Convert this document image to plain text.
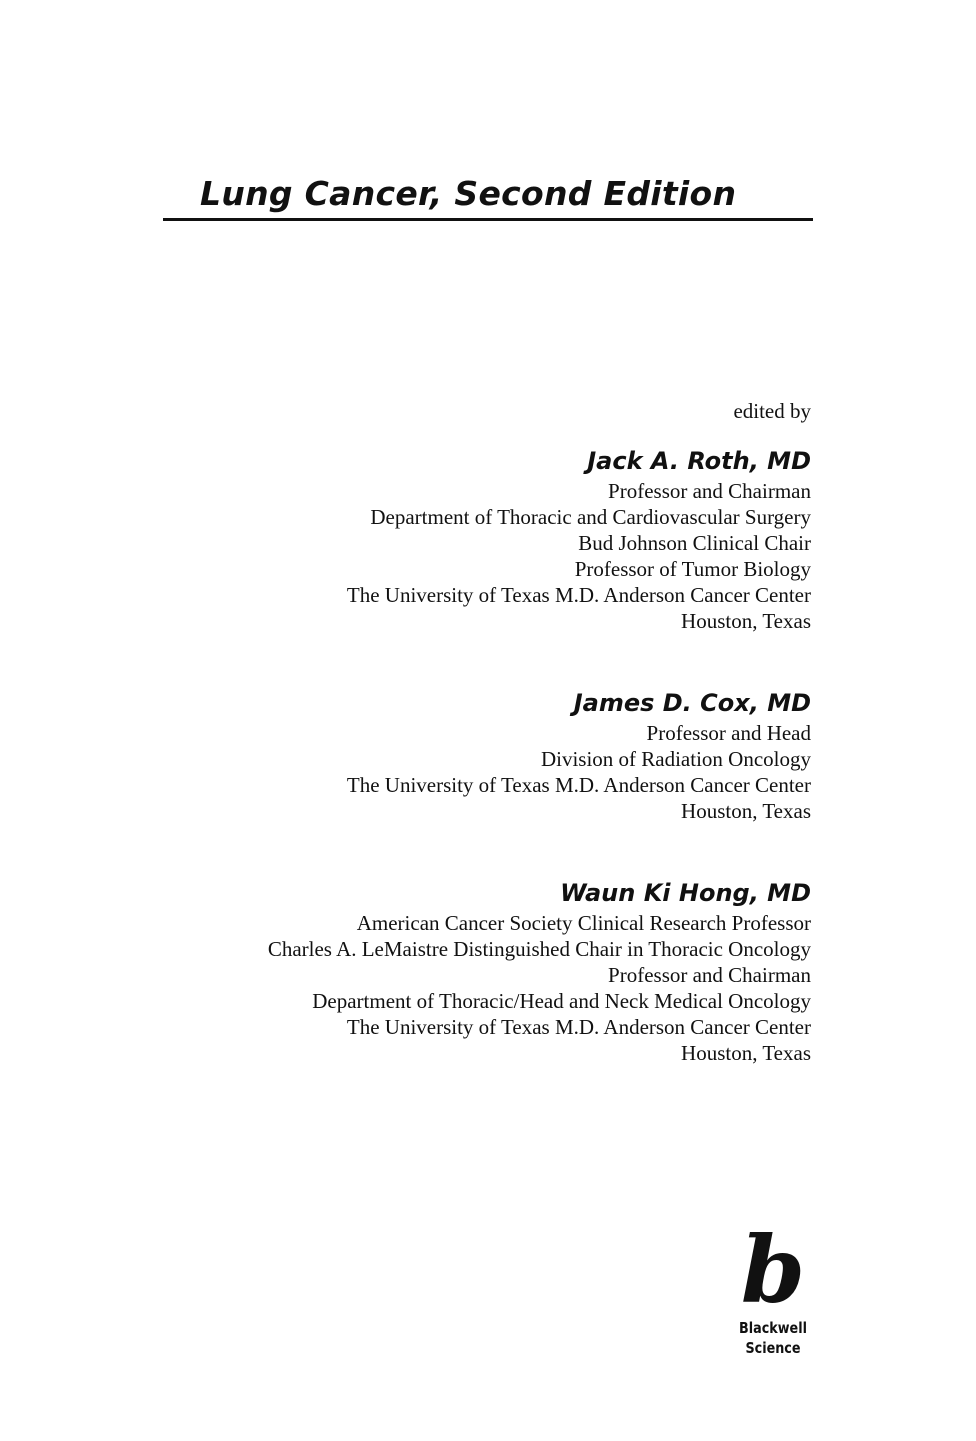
Lung Cancer, Second Edition
edited by
Jack A. Roth, MD
Professor and Chairman
Department of Thoracic and Cardiovascular Surgery
Bud Johnson Clinical Chair
Professor of Tumor Biology
The University of Texas M.D. Anderson Cancer Center
Houston, Texas
James D. Cox, MD
Professor and Head
Division of Radiation Oncology
The University of Texas M.D. Anderson Cancer Center
Houston, Texas
Waun Ki Hong, MD
American Cancer Society Clinical Research Professor
Charles A. LeMaistre Distinguished Chair in Thoracic Oncology
Professor and Chairman
Department of Thoracic/Head and Neck Medical Oncology
The University of Texas M.D. Anderson Cancer Center
Houston, Texas
b
Blackwell
Science
